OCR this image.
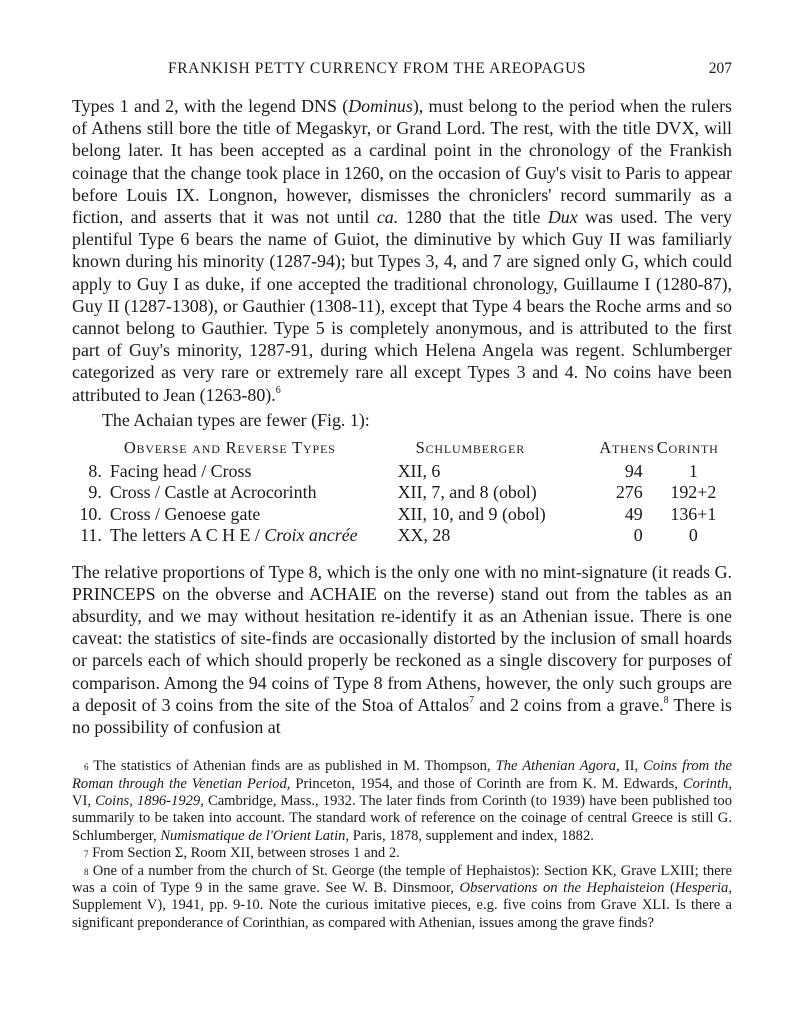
FRANKISH PETTY CURRENCY FROM THE AREOPAGUS	207

Types 1 and 2, with the legend DNS (Dominus), must belong to the period when the rulers of Athens still bore the title of Megaskyr, or Grand Lord. The rest, with the title DVX, will belong later. It has been accepted as a cardinal point in the chronology of the Frankish coinage that the change took place in 1260, on the occasion of Guy's visit to Paris to appear before Louis IX. Longnon, however, dismisses the chroniclers' record summarily as a fiction, and asserts that it was not until ca. 1280 that the title Dux was used. The very plentiful Type 6 bears the name of Guiot, the diminutive by which Guy II was familiarly known during his minority (1287-94); but Types 3, 4, and 7 are signed only G, which could apply to Guy I as duke, if one accepted the traditional chronology, Guillaume I (1280-87), Guy II (1287-1308), or Gauthier (1308-11), except that Type 4 bears the Roche arms and so cannot belong to Gauthier. Type 5 is completely anonymous, and is attributed to the first part of Guy's minority, 1287-91, during which Helena Angela was regent. Schlumberger categorized as very rare or extremely rare all except Types 3 and 4. No coins have been attributed to Jean (1263-80).$^6$

The Achaian types are fewer (Fig. 1):

	Obverse and Reverse Types	Schlumberger	Athens	Corinth
8.	Facing head / Cross	XII, 6	94	1
9.	Cross / Castle at Acrocorinth	XII, 7, and 8 (obol)	276	192+2
10.	Cross / Genoese gate	XII, 10, and 9 (obol)	49	136+1
11.	The letters A C H E / Croix ancrée	XX, 28	0	0

The relative proportions of Type 8, which is the only one with no mint-signature (it reads G. PRINCEPS on the obverse and ACHAIE on the reverse) stand out from the tables as an absurdity, and we may without hesitation re-identify it as an Athenian issue. There is one caveat: the statistics of site-finds are occasionally distorted by the inclusion of small hoards or parcels each of which should properly be reckoned as a single discovery for purposes of comparison. Among the 94 coins of Type 8 from Athens, however, the only such groups are a deposit of 3 coins from the site of the Stoa of Attalos$^7$ and 2 coins from a grave.$^8$ There is no possibility of confusion at

$^6$ The statistics of Athenian finds are as published in M. Thompson, The Athenian Agora, II, Coins from the Roman through the Venetian Period, Princeton, 1954, and those of Corinth are from K. M. Edwards, Corinth, VI, Coins, 1896-1929, Cambridge, Mass., 1932. The later finds from Corinth (to 1939) have been published too summarily to be taken into account. The standard work of reference on the coinage of central Greece is still G. Schlumberger, Numismatique de l'Orient Latin, Paris, 1878, supplement and index, 1882.

$^7$ From Section Σ, Room XII, between stroses 1 and 2.

$^8$ One of a number from the church of St. George (the temple of Hephaistos): Section KK, Grave LXIII; there was a coin of Type 9 in the same grave. See W. B. Dinsmoor, Observations on the Hephaisteion (Hesperia, Supplement V), 1941, pp. 9-10. Note the curious imitative pieces, e.g. five coins from Grave XLI. Is there a significant preponderance of Corinthian, as compared with Athenian, issues among the grave finds?
